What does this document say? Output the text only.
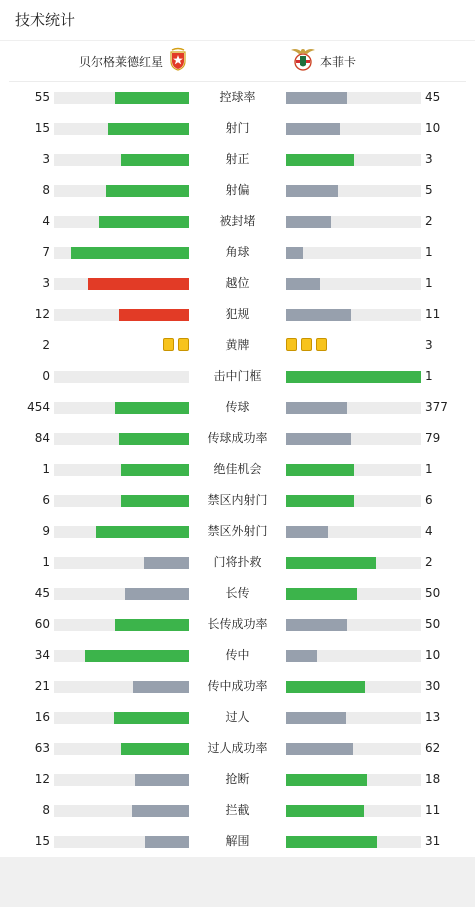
技术统计
贝尔格莱德红星	本菲卡
55	控球率	45
15	射门	10
3	射正	3
8	射偏	5
4	被封堵	2
7	角球	1
3	越位	1
12	犯规	11
2	黄牌	3
0	击中门框	1
454	传球	377
84	传球成功率	79
1	绝佳机会	1
6	禁区内射门	6
9	禁区外射门	4
1	门将扑救	2
45	长传	50
60	长传成功率	50
34	传中	10
21	传中成功率	30
16	过人	13
63	过人成功率	62
12	抢断	18
8	拦截	11
15	解围	31
